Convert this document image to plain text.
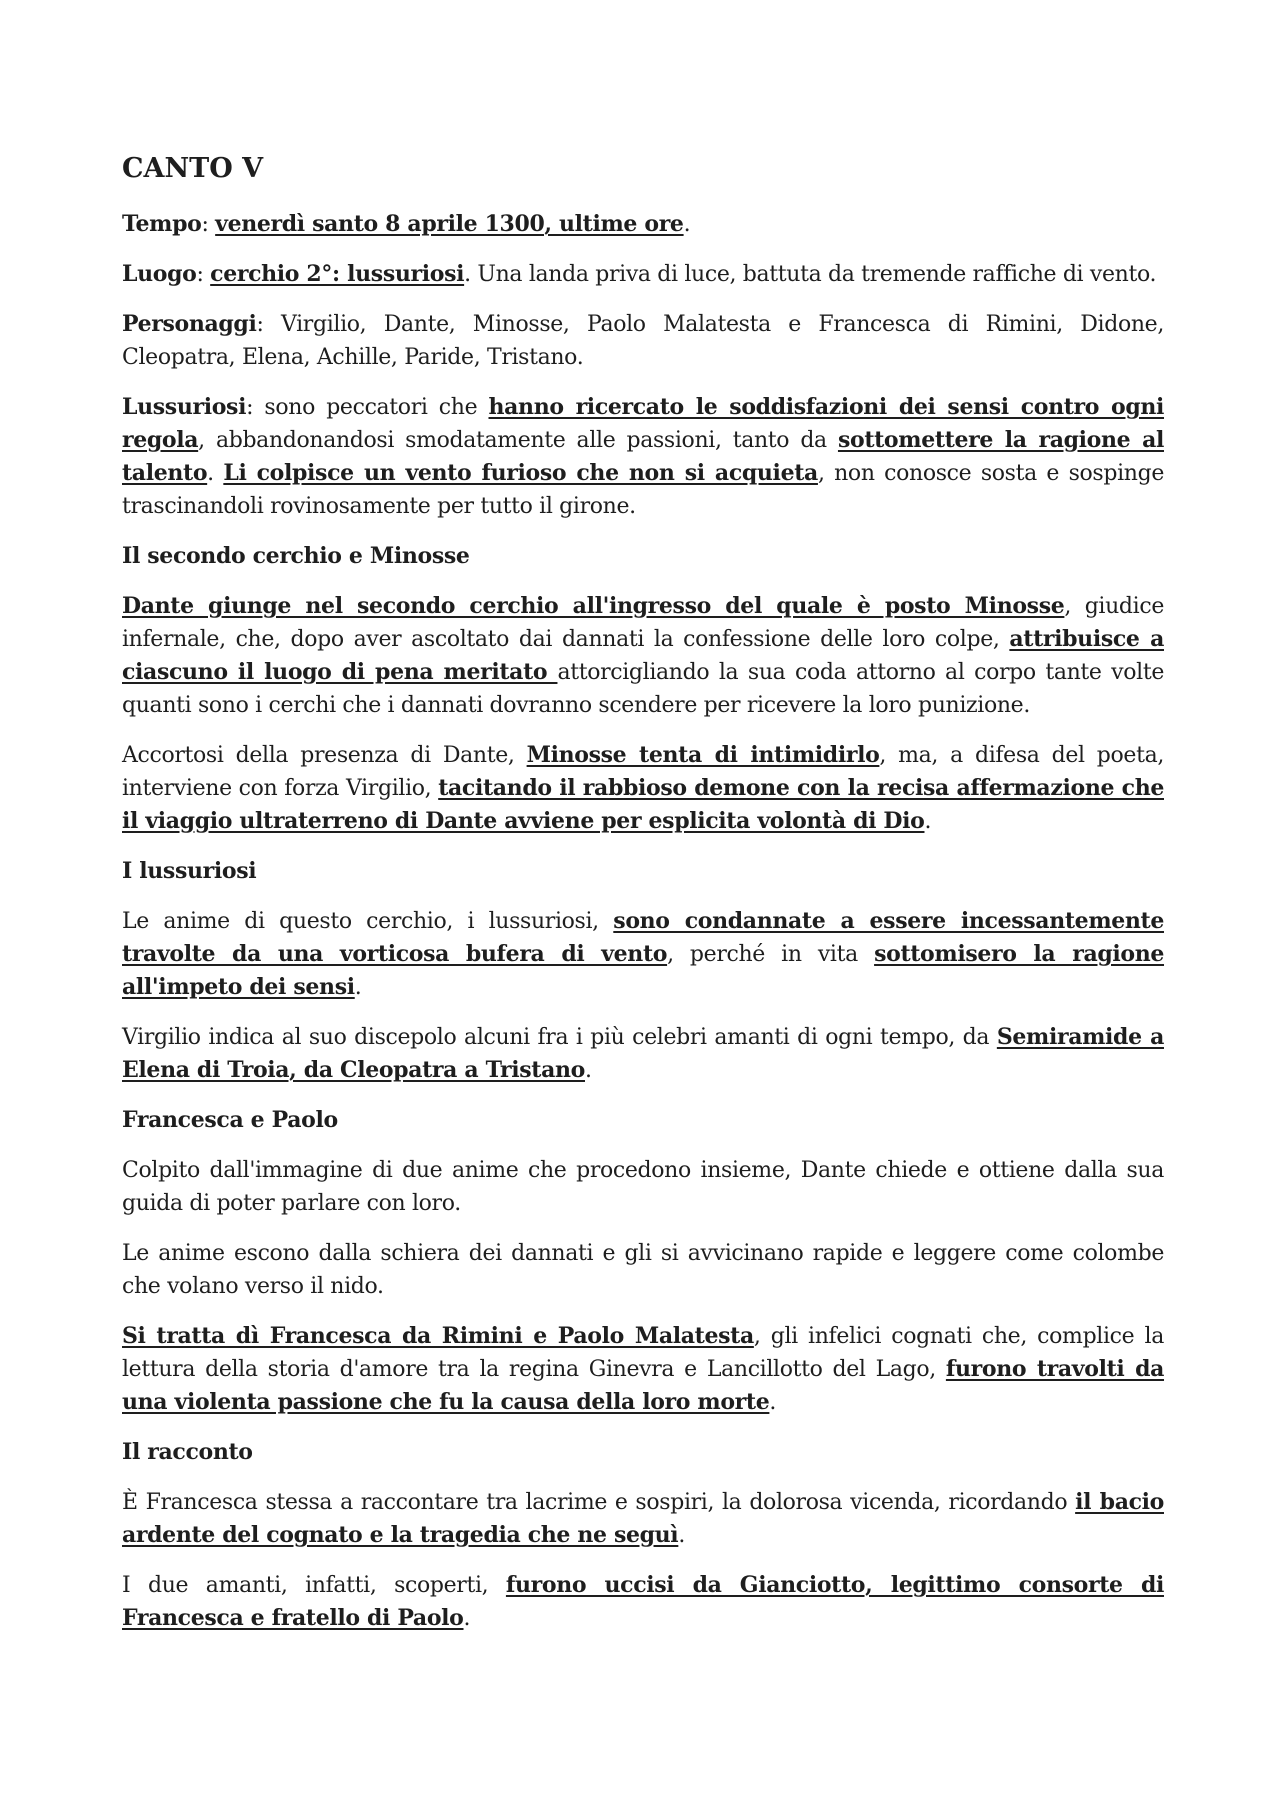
CANTO V

Tempo: venerdì santo 8 aprile 1300, ultime ore.

Luogo: cerchio 2°: lussuriosi. Una landa priva di luce, battuta da tremende raffiche di vento.

Personaggi: Virgilio, Dante, Minosse, Paolo Malatesta e Francesca di Rimini, Didone, Cleopatra, Elena, Achille, Paride, Tristano.

Lussuriosi: sono peccatori che hanno ricercato le soddisfazioni dei sensi contro ogni regola, abbandonandosi smodatamente alle passioni, tanto da sottomettere la ragione al talento. Li colpisce un vento furioso che non si acquieta, non conosce sosta e sospinge trascinandoli rovinosamente per tutto il girone.

Il secondo cerchio e Minosse

Dante giunge nel secondo cerchio all'ingresso del quale è posto Minosse, giudice infernale, che, dopo aver ascoltato dai dannati la confessione delle loro colpe, attribuisce a ciascuno il luogo di pena meritato attorcigliando la sua coda attorno al corpo tante volte quanti sono i cerchi che i dannati dovranno scendere per ricevere la loro punizione.

Accortosi della presenza di Dante, Minosse tenta di intimidirlo, ma, a difesa del poeta, interviene con forza Virgilio, tacitando il rabbioso demone con la recisa affermazione che il viaggio ultraterreno di Dante avviene per esplicita volontà di Dio.

I lussuriosi

Le anime di questo cerchio, i lussuriosi, sono condannate a essere incessantemente travolte da una vorticosa bufera di vento, perché in vita sottomisero la ragione all'impeto dei sensi.

Virgilio indica al suo discepolo alcuni fra i più celebri amanti di ogni tempo, da Semiramide a Elena di Troia, da Cleopatra a Tristano.

Francesca e Paolo

Colpito dall'immagine di due anime che procedono insieme, Dante chiede e ottiene dalla sua guida di poter parlare con loro.

Le anime escono dalla schiera dei dannati e gli si avvicinano rapide e leggere come colombe che volano verso il nido.

Si tratta dì Francesca da Rimini e Paolo Malatesta, gli infelici cognati che, complice la lettura della storia d'amore tra la regina Ginevra e Lancillotto del Lago, furono travolti da una violenta passione che fu la causa della loro morte.

Il racconto

È Francesca stessa a raccontare tra lacrime e sospiri, la dolorosa vicenda, ricordando il bacio ardente del cognato e la tragedia che ne seguì.

I due amanti, infatti, scoperti, furono uccisi da Gianciotto, legittimo consorte di Francesca e fratello di Paolo.
